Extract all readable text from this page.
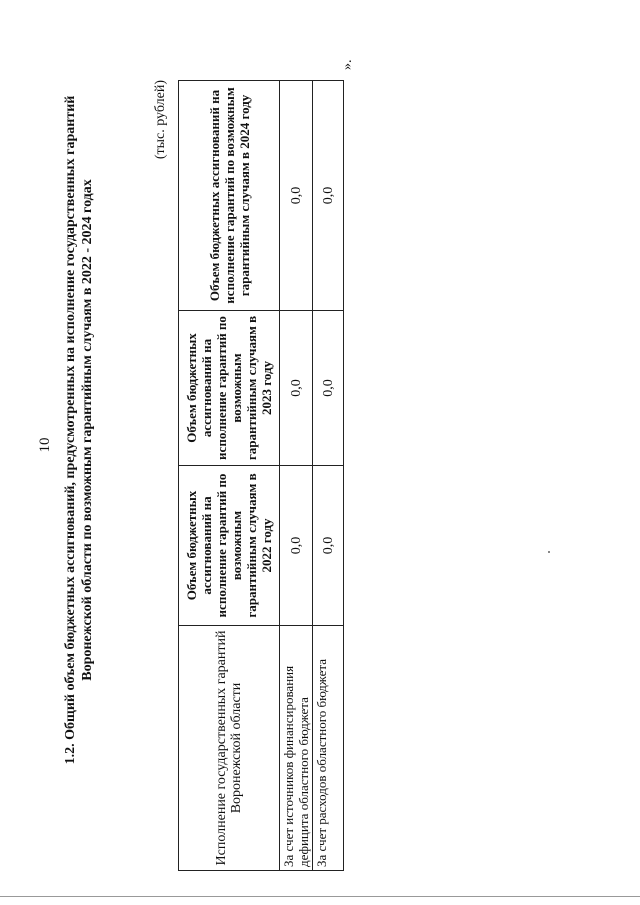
10 1.2. Общий объем бюджетных ассигнований, предусмотренных на исполнение государственных гарантий Воронежской области по возможным гарантийным случаям в 2022 - 2024 годах
(тыс. рублей)
Исполнение государственных гарантий Воронежской области	Объем бюджетных ассигнований на исполнение гарантий по возможным гарантийным случаям в 2022 году	Объем бюджетных ассигнований на исполнение гарантий по возможным гарантийным случаям в 2023 году	Объем бюджетных ассигнований на исполнение гарантий по возможным гарантийным случаям в 2024 году
За счет источников финансирования дефицита областного бюджета	0,0	0,0	0,0
За счет расходов областного бюджета	0,0	0,0	0,0
».
